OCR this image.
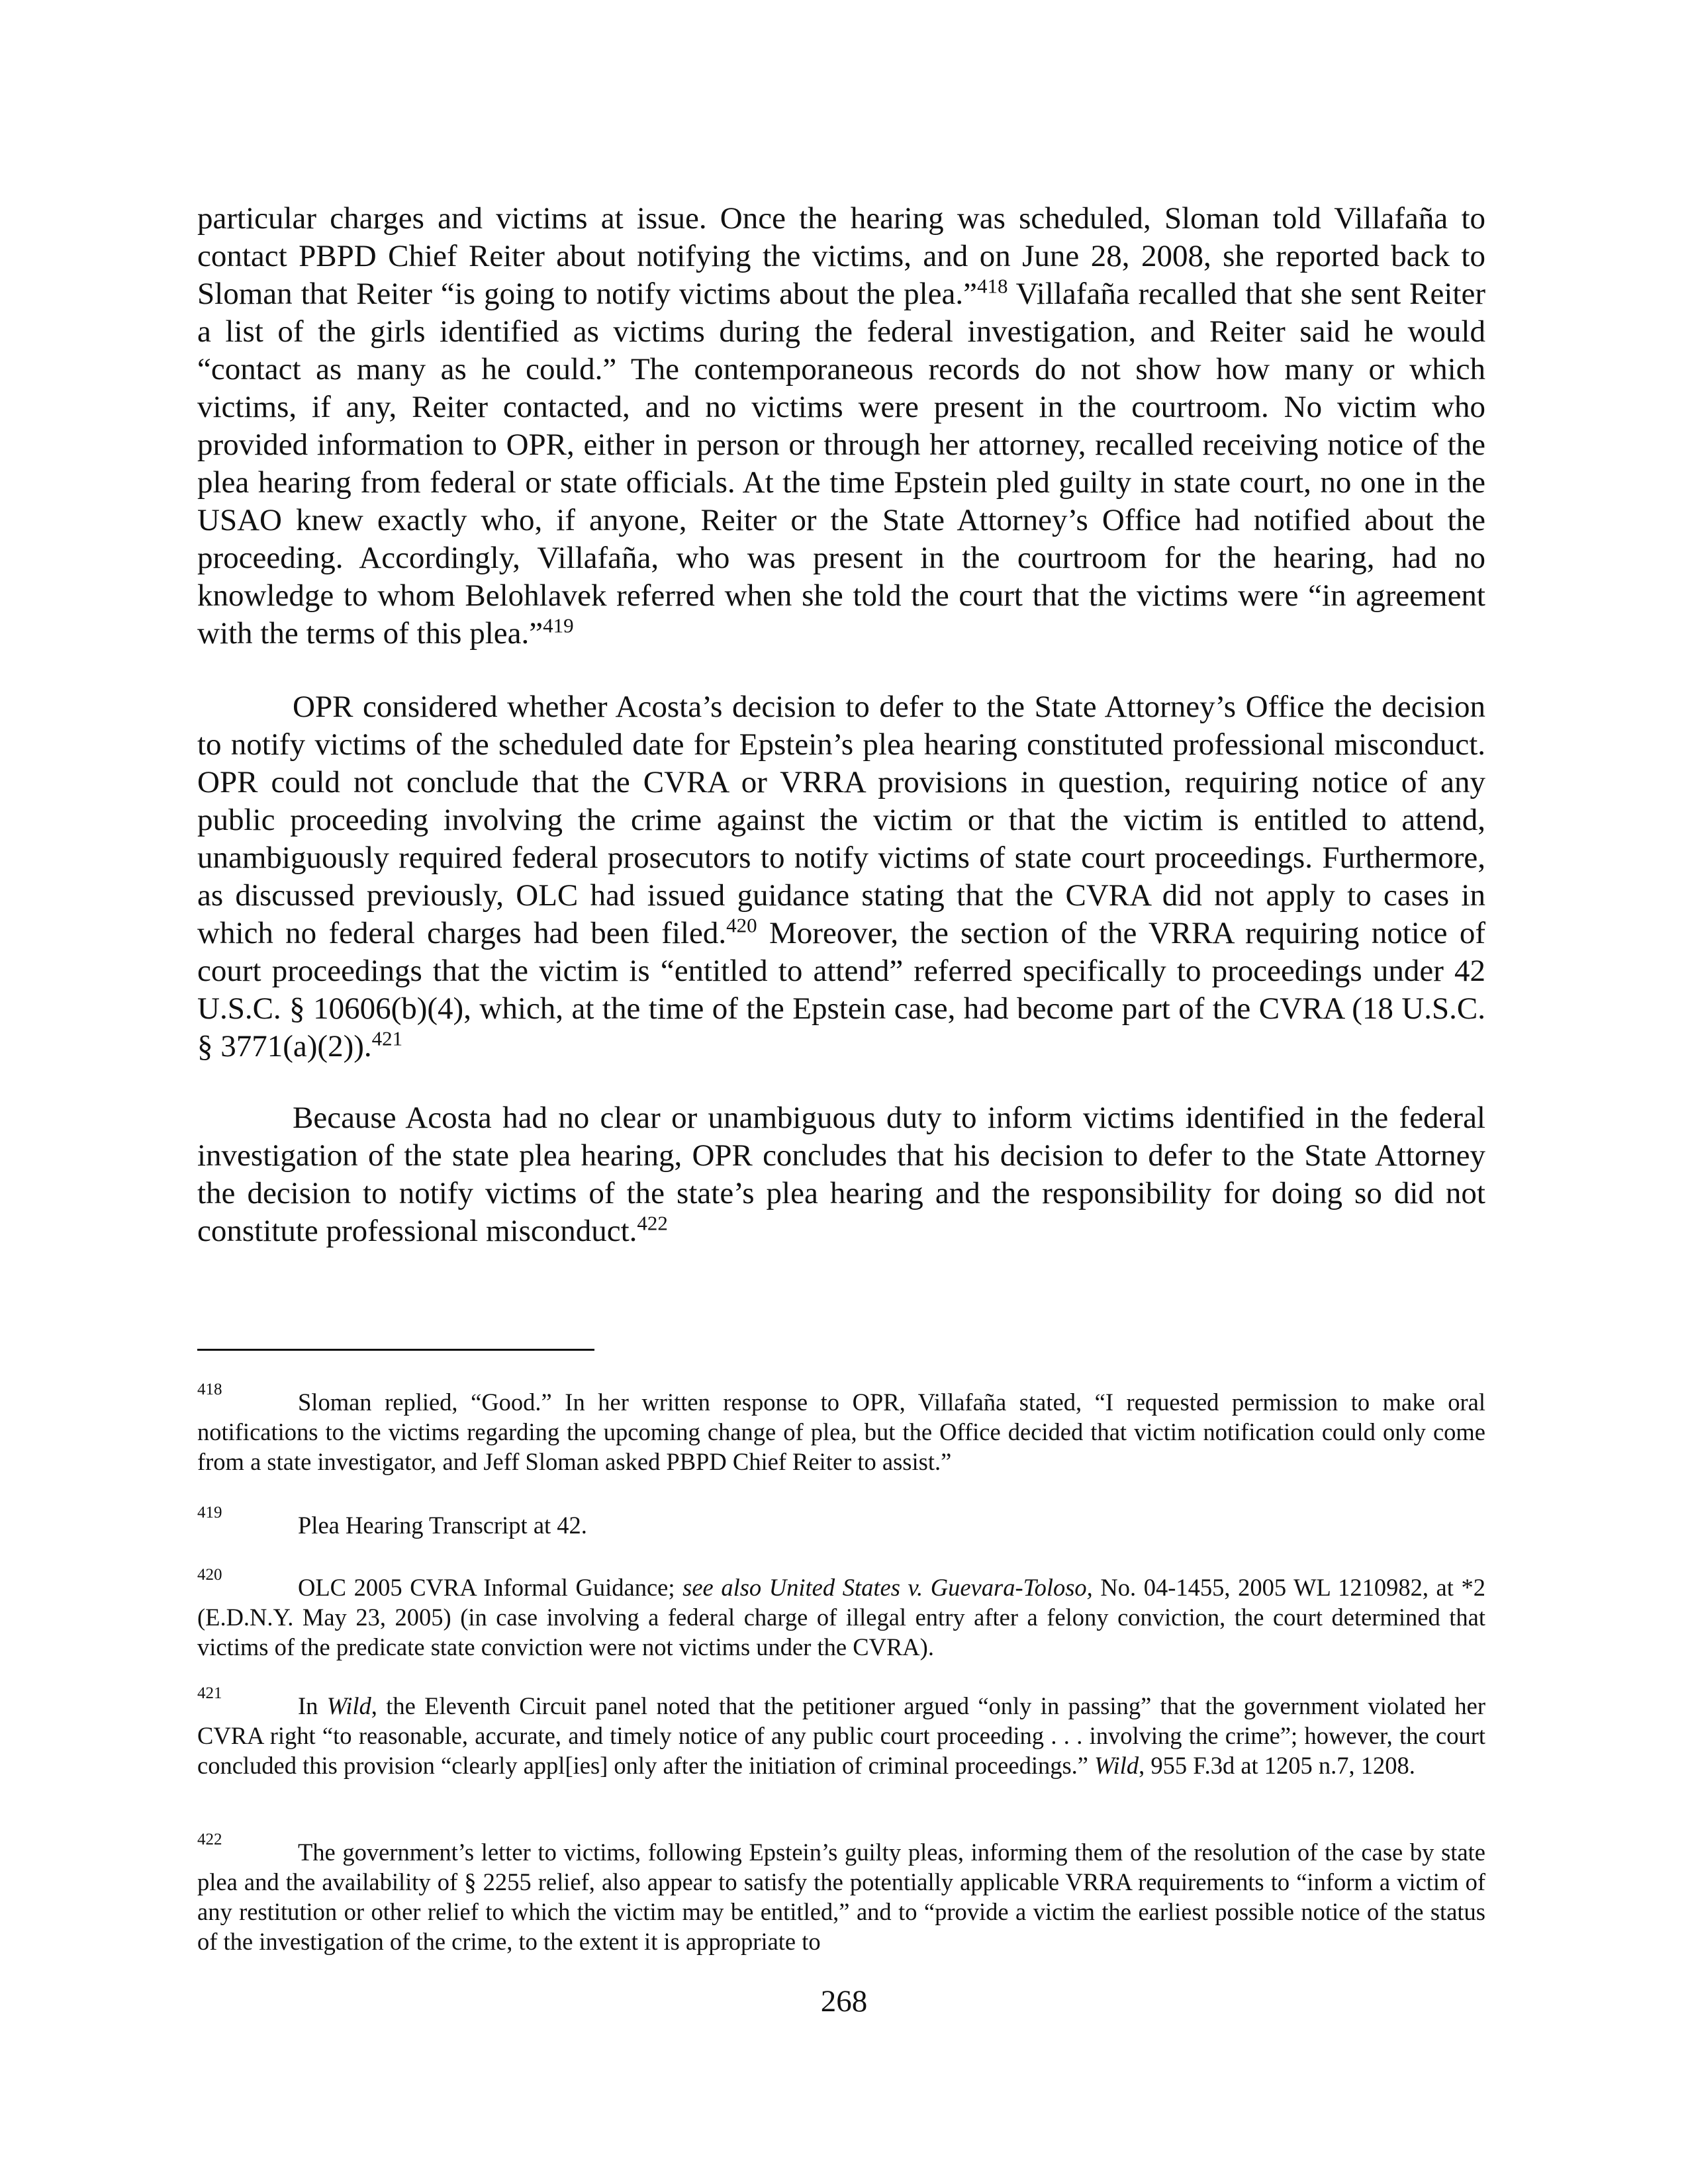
particular charges and victims at issue. Once the hearing was scheduled, Sloman told Villafaña to contact PBPD Chief Reiter about notifying the victims, and on June 28, 2008, she reported back to Sloman that Reiter “is going to notify victims about the plea.”$^{418}$ Villafaña recalled that she sent Reiter a list of the girls identified as victims during the federal investigation, and Reiter said he would “contact as many as he could.” The contemporaneous records do not show how many or which victims, if any, Reiter contacted, and no victims were present in the courtroom. No victim who provided information to OPR, either in person or through her attorney, recalled receiving notice of the plea hearing from federal or state officials. At the time Epstein pled guilty in state court, no one in the USAO knew exactly who, if anyone, Reiter or the State Attorney’s Office had notified about the proceeding. Accordingly, Villafaña, who was present in the courtroom for the hearing, had no knowledge to whom Belohlavek referred when she told the court that the victims were “in agreement with the terms of this plea.”$^{419}$

OPR considered whether Acosta’s decision to defer to the State Attorney’s Office the decision to notify victims of the scheduled date for Epstein’s plea hearing constituted professional misconduct. OPR could not conclude that the CVRA or VRRA provisions in question, requiring notice of any public proceeding involving the crime against the victim or that the victim is entitled to attend, unambiguously required federal prosecutors to notify victims of state court proceedings. Furthermore, as discussed previously, OLC had issued guidance stating that the CVRA did not apply to cases in which no federal charges had been filed.$^{420}$ Moreover, the section of the VRRA requiring notice of court proceedings that the victim is “entitled to attend” referred specifically to proceedings under 42 U.S.C. § 10606(b)(4), which, at the time of the Epstein case, had become part of the CVRA (18 U.S.C. § 3771(a)(2)).$^{421}$

Because Acosta had no clear or unambiguous duty to inform victims identified in the federal investigation of the state plea hearing, OPR concludes that his decision to defer to the State Attorney the decision to notify victims of the state’s plea hearing and the responsibility for doing so did not constitute professional misconduct.$^{422}$

418	Sloman replied, “Good.” In her written response to OPR, Villafaña stated, “I requested permission to make oral notifications to the victims regarding the upcoming change of plea, but the Office decided that victim notification could only come from a state investigator, and Jeff Sloman asked PBPD Chief Reiter to assist.”

419	Plea Hearing Transcript at 42.

420	OLC 2005 CVRA Informal Guidance; see also United States v. Guevara-Toloso, No. 04-1455, 2005 WL 1210982, at *2 (E.D.N.Y. May 23, 2005) (in case involving a federal charge of illegal entry after a felony conviction, the court determined that victims of the predicate state conviction were not victims under the CVRA).

421	In Wild, the Eleventh Circuit panel noted that the petitioner argued “only in passing” that the government violated her CVRA right “to reasonable, accurate, and timely notice of any public court proceeding . . . involving the crime”; however, the court concluded this provision “clearly appl[ies] only after the initiation of criminal proceedings.” Wild, 955 F.3d at 1205 n.7, 1208.

422	The government’s letter to victims, following Epstein’s guilty pleas, informing them of the resolution of the case by state plea and the availability of § 2255 relief, also appear to satisfy the potentially applicable VRRA requirements to “inform a victim of any restitution or other relief to which the victim may be entitled,” and to “provide a victim the earliest possible notice of the status of the investigation of the crime, to the extent it is appropriate to

268
